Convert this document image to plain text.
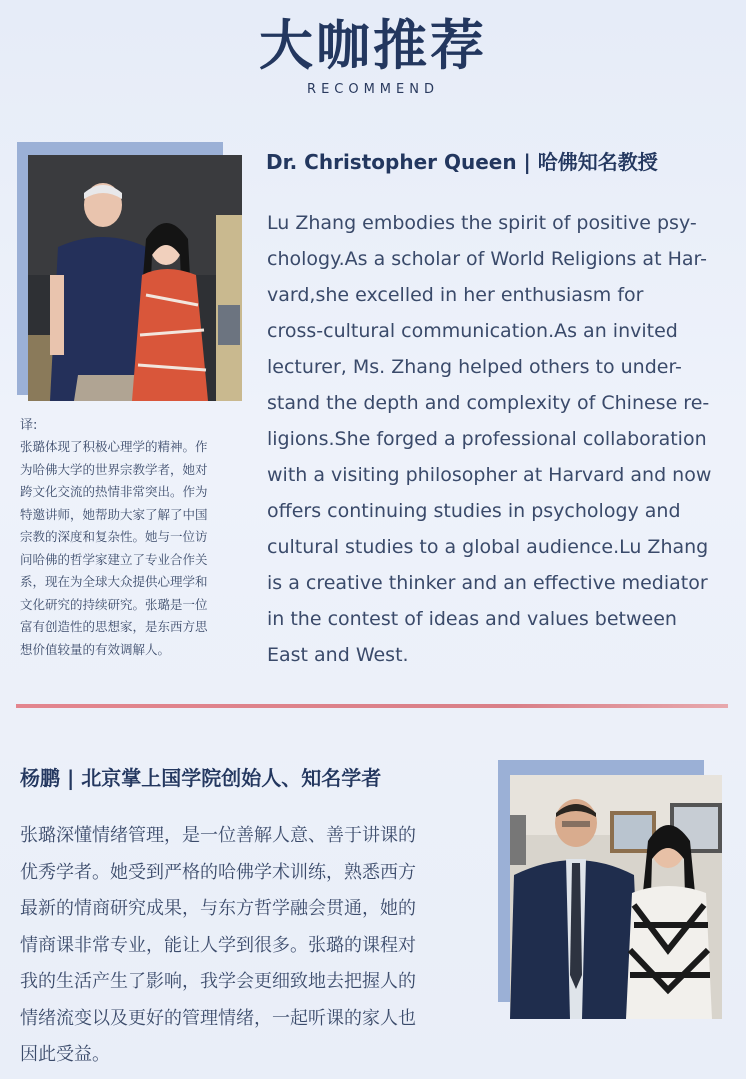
大咖推荐
RECOMMEND
Dr. Christopher Queen | 哈佛知名教授
Lu Zhang embodies the spirit of positive psy-
chology.As a scholar of World Religions at Har-
vard,she excelled in her enthusiasm for
cross-cultural communication.As an invited
lecturer, Ms. Zhang helped others to under-
stand the depth and complexity of Chinese re-
ligions.She forged a professional collaboration
with a visiting philosopher at Harvard and now
offers continuing studies in psychology and
cultural studies to a global audience.Lu Zhang
is a creative thinker and an effective mediator
in the contest of ideas and values between
East and West.
译:
张璐体现了积极心理学的精神。作
为哈佛大学的世界宗教学者，她对
跨文化交流的热情非常突出。作为
特邀讲师，她帮助大家了解了中国
宗教的深度和复杂性。她与一位访
问哈佛的哲学家建立了专业合作关
系，现在为全球大众提供心理学和
文化研究的持续研究。张璐是一位
富有创造性的思想家，是东西方思
想价值较量的有效调解人。
杨鹏 | 北京掌上国学院创始人、知名学者
张璐深懂情绪管理，是一位善解人意、善于讲课的
优秀学者。她受到严格的哈佛学术训练，熟悉西方
最新的情商研究成果，与东方哲学融会贯通，她的
情商课非常专业，能让人学到很多。张璐的课程对
我的生活产生了影响，我学会更细致地去把握人的
情绪流变以及更好的管理情绪，一起听课的家人也
因此受益。
